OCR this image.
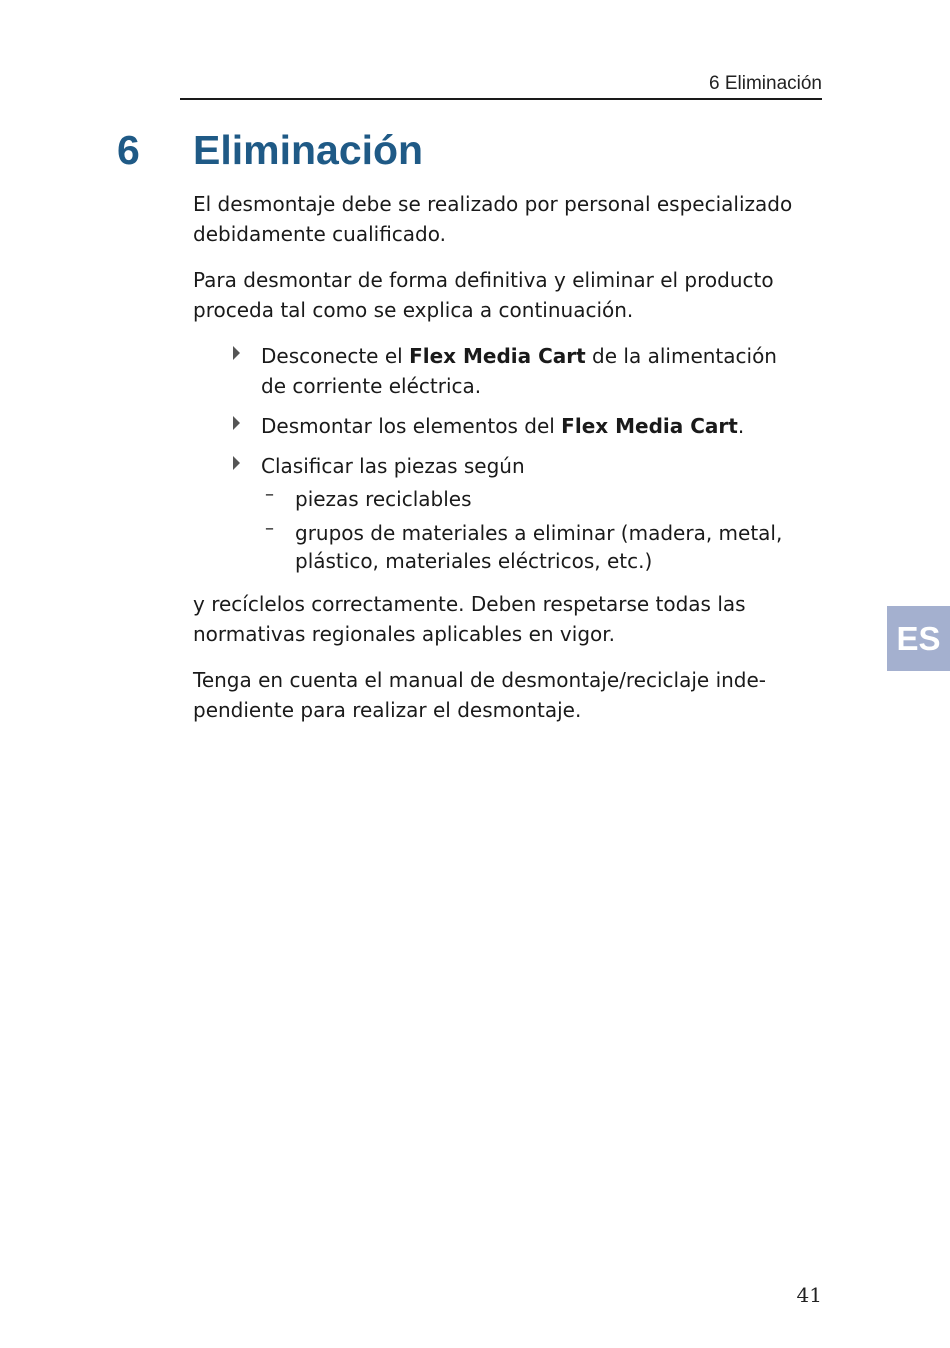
6 Eliminación
6 Eliminación

El desmontaje debe se realizado por personal especializado debidamente cualificado.

Para desmontar de forma definitiva y eliminar el producto proceda tal como se explica a continuación.

Desconecte el Flex Media Cart de la alimentación de corriente eléctrica.
Desmontar los elementos del Flex Media Cart.
Clasificar las piezas según
– piezas reciclables
– grupos de materiales a eliminar (madera, metal, plástico, materiales eléctricos, etc.)

y recíclelos correctamente. Deben respetarse todas las normativas regionales aplicables en vigor.

Tenga en cuenta el manual de desmontaje/reciclaje inde-pendiente para realizar el desmontaje.

ES
41
